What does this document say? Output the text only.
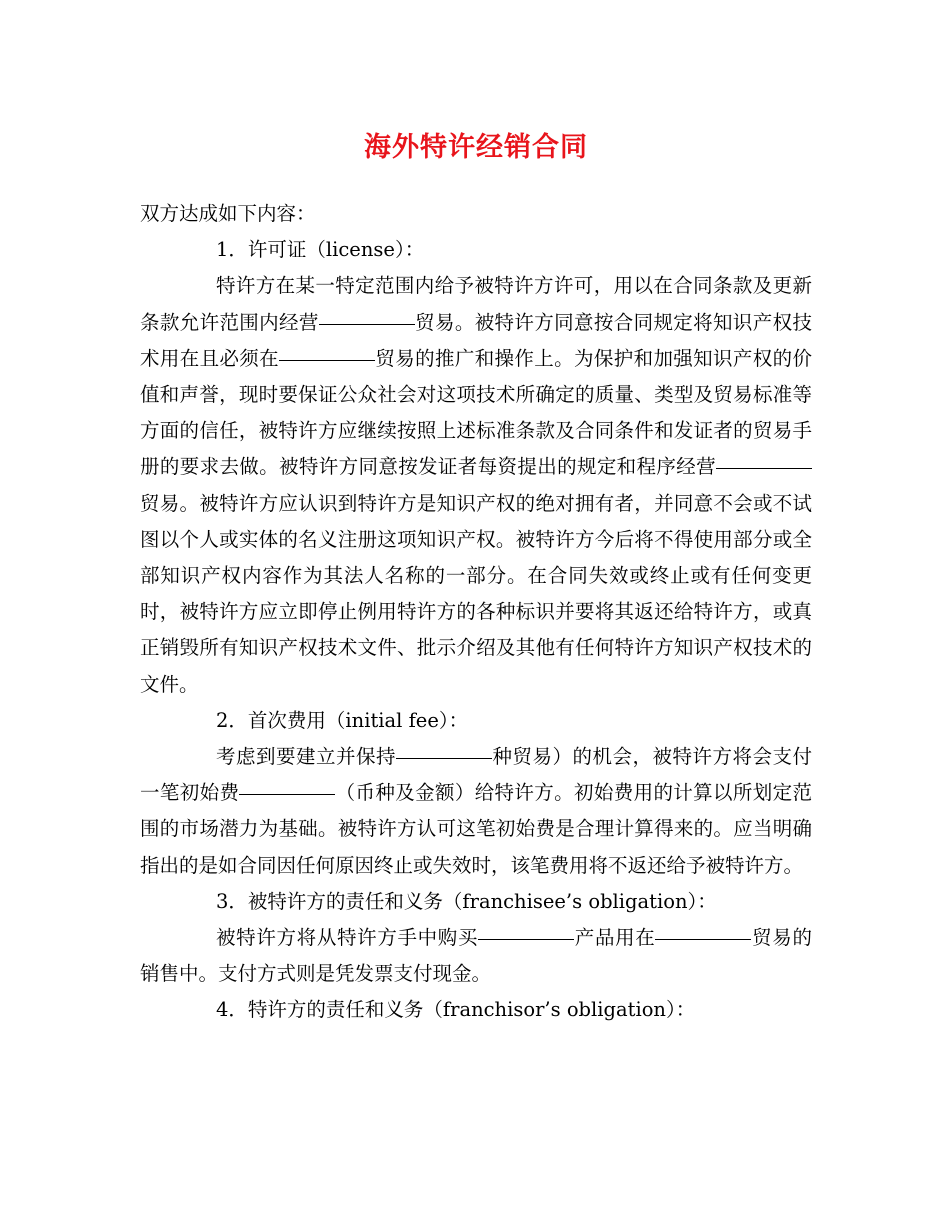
海外特许经销合同

双方达成如下内容：

1．许可证（license）：

特许方在某一特定范围内给予被特许方许可，用以在合同条款及更新条款允许范围内经营	贸易。被特许方同意按合同规定将知识产权技术用在且必须在	贸易的推广和操作上。为保护和加强知识产权的价值和声誉，现时要保证公众社会对这项技术所确定的质量、类型及贸易标准等方面的信任，被特许方应继续按照上述标准条款及合同条件和发证者的贸易手册的要求去做。被特许方同意按发证者每资提出的规定和程序经营贸易。被特许方应认识到特许方是知识产权的绝对拥有者，并同意不会或不试图以个人或实体的名义注册这项知识产权。被特许方今后将不得使用部分或全部知识产权内容作为其法人名称的一部分。在合同失效或终止或有任何变更时，被特许方应立即停止例用特许方的各种标识并要将其返还给特许方，或真正销毁所有知识产权技术文件、批示介绍及其他有任何特许方知识产权技术的文件。

2．首次费用（initial fee）：

考虑到要建立并保持	种贸易）的机会，被特许方将会支付一笔初始费	（币种及金额）给特许方。初始费用的计算以所划定范围的市场潜力为基础。被特许方认可这笔初始费是合理计算得来的。应当明确指出的是如合同因任何原因终止或失效时，该笔费用将不返还给予被特许方。

3．被特许方的责任和义务（franchisee’s obligation）：

被特许方将从特许方手中购买	产品用在	贸易的销售中。支付方式则是凭发票支付现金。

4．特许方的责任和义务（franchisor’s obligation）：
